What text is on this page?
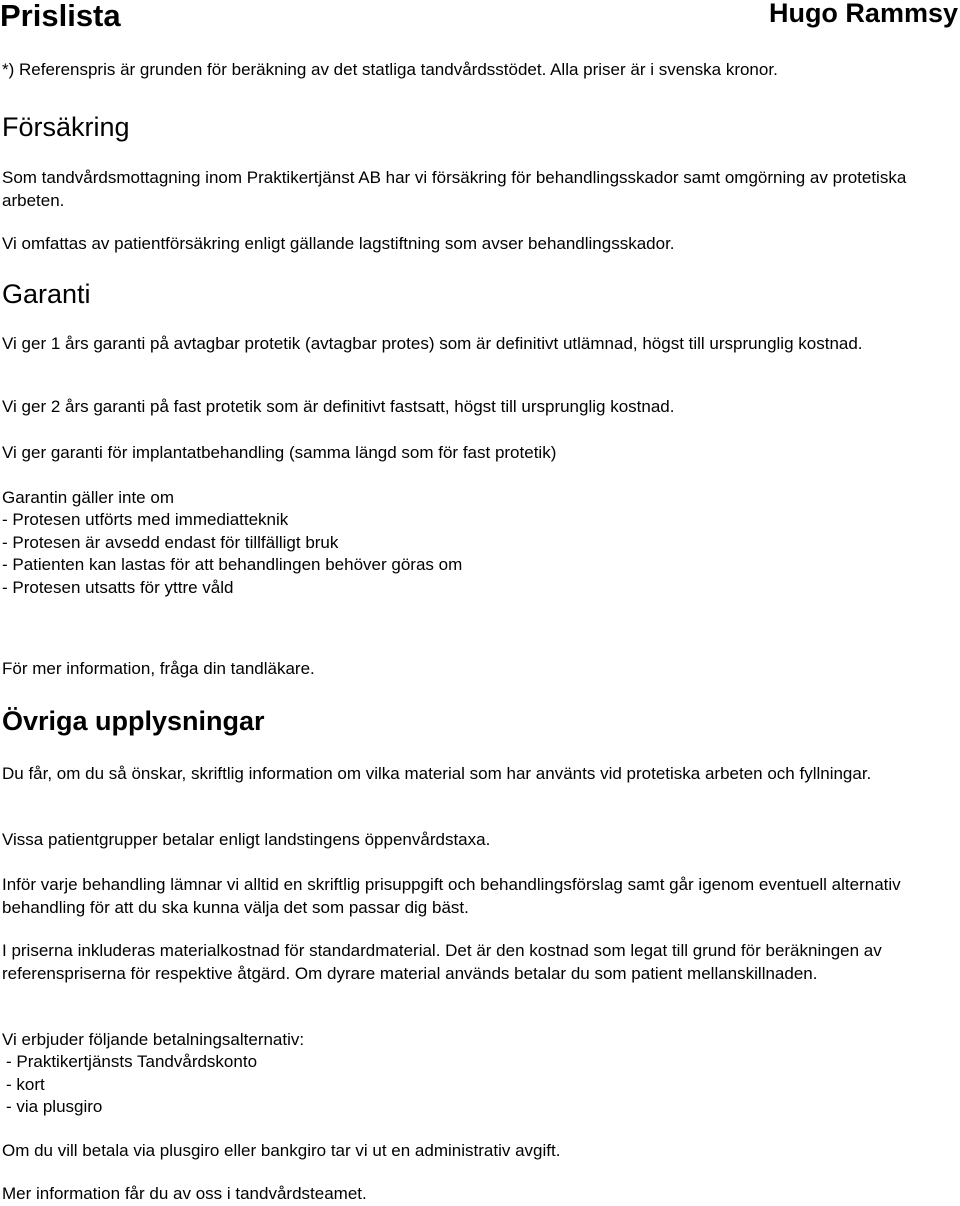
Prislista	Hugo Rammsy

*) Referenspris är grunden för beräkning av det statliga tandvårdsstödet. Alla priser är i svenska kronor.

Försäkring

Som tandvårdsmottagning inom Praktikertjänst AB har vi försäkring för behandlingsskador samt omgörning av protetiska arbeten.

Vi omfattas av patientförsäkring enligt gällande lagstiftning som avser behandlingsskador.

Garanti

Vi ger 1 års garanti på avtagbar protetik (avtagbar protes) som är definitivt utlämnad, högst till ursprunglig kostnad.

Vi ger 2 års garanti på fast protetik som är definitivt fastsatt, högst till ursprunglig kostnad.

Vi ger garanti för implantatbehandling (samma längd som för fast protetik)

Garantin gäller inte om

- Protesen utförts med immediatteknik
- Protesen är avsedd endast för tillfälligt bruk
- Patienten kan lastas för att behandlingen behöver göras om
- Protesen utsatts för yttre våld

För mer information, fråga din tandläkare.

Övriga upplysningar

Du får, om du så önskar, skriftlig information om vilka material som har använts vid protetiska arbeten och fyllningar.

Vissa patientgrupper betalar enligt landstingens öppenvårdstaxa.

Inför varje behandling lämnar vi alltid en skriftlig prisuppgift och behandlingsförslag samt går igenom eventuell alternativ behandling för att du ska kunna välja det som passar dig bäst.

I priserna inkluderas materialkostnad för standardmaterial. Det är den kostnad som legat till grund för beräkningen av referenspriserna för respektive åtgärd. Om dyrare material används betalar du som patient mellanskillnaden.

Vi erbjuder följande betalningsalternativ:

- Praktikertjänsts Tandvårdskonto
- kort
- via plusgiro

Om du vill betala via plusgiro eller bankgiro tar vi ut en administrativ avgift.

Mer information får du av oss i tandvårdsteamet.
